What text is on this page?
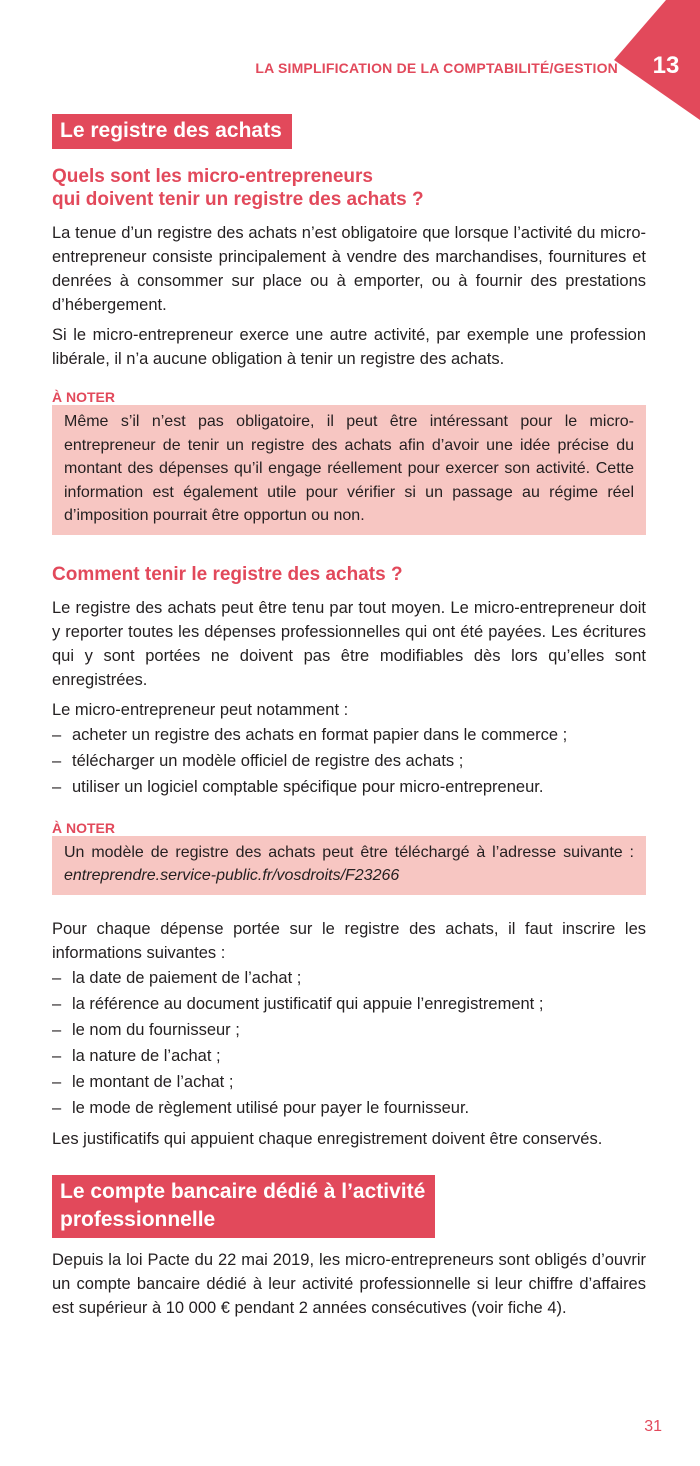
LA SIMPLIFICATION DE LA COMPTABILITÉ/GESTION	13
Le registre des achats
Quels sont les micro-entrepreneurs
qui doivent tenir un registre des achats ?

La tenue d’un registre des achats n’est obligatoire que lorsque l’activité du micro-entrepreneur consiste principalement à vendre des marchandises, fournitures et denrées à consommer sur place ou à emporter, ou à fournir des prestations d’hébergement.

Si le micro-entrepreneur exerce une autre activité, par exemple une profession libérale, il n’a aucune obligation à tenir un registre des achats.

À NOTER
Même s’il n’est pas obligatoire, il peut être intéressant pour le micro-entrepreneur de tenir un registre des achats afin d’avoir une idée précise du montant des dépenses qu’il engage réellement pour exercer son activité. Cette information est également utile pour vérifier si un passage au régime réel d’imposition pourrait être opportun ou non.
Comment tenir le registre des achats ?

Le registre des achats peut être tenu par tout moyen. Le micro-entrepreneur doit y reporter toutes les dépenses professionnelles qui ont été payées. Les écritures qui y sont portées ne doivent pas être modifiables dès lors qu’elles sont enregistrées.

Le micro-entrepreneur peut notamment :

– acheter un registre des achats en format papier dans le commerce ;
– télécharger un modèle officiel de registre des achats ;
– utiliser un logiciel comptable spécifique pour micro-entrepreneur.
À NOTER
Un modèle de registre des achats peut être téléchargé à l’adresse suivante : entreprendre.service-public.fr/vosdroits/F23266

Pour chaque dépense portée sur le registre des achats, il faut inscrire les informations suivantes :

– la date de paiement de l’achat ;
– la référence au document justificatif qui appuie l’enregistrement ;
– le nom du fournisseur ;
– la nature de l’achat ;
– le montant de l’achat ;
– le mode de règlement utilisé pour payer le fournisseur.

Les justificatifs qui appuient chaque enregistrement doivent être conservés.

Le compte bancaire dédié à l’activité
professionnelle

Depuis la loi Pacte du 22 mai 2019, les micro-entrepreneurs sont obligés d’ouvrir un compte bancaire dédié à leur activité professionnelle si leur chiffre d’affaires est supérieur à 10 000 € pendant 2 années consécutives (voir fiche 4).

31
